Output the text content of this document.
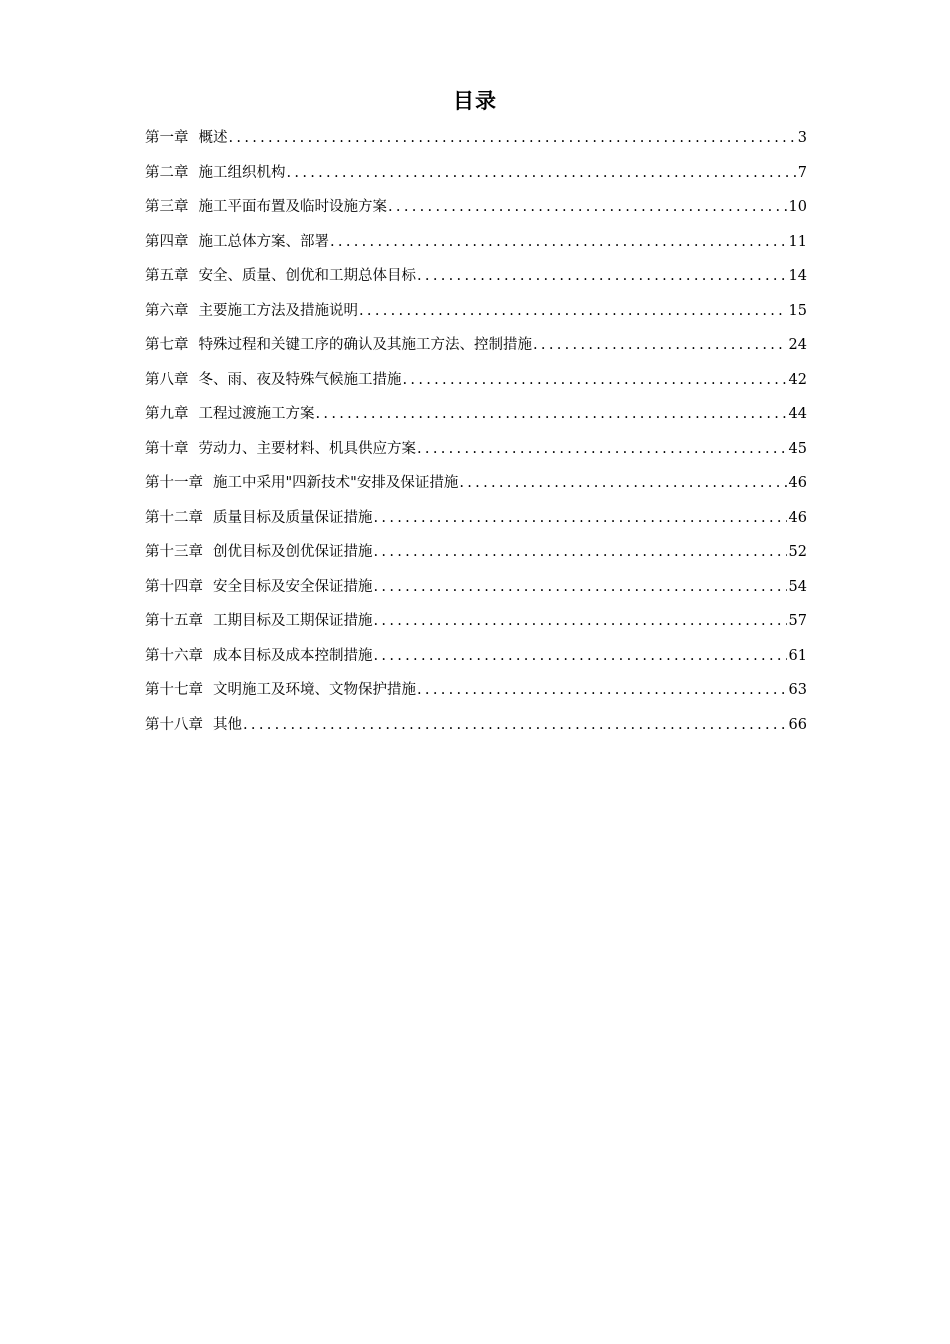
目录
第一章 概述 .....	3
第二章 施工组织机构 .....	7
第三章 施工平面布置及临时设施方案 .....	10
第四章 施工总体方案、部署 .....	11
第五章 安全、质量、创优和工期总体目标 .....	14
第六章 主要施工方法及措施说明 .....	15
第七章 特殊过程和关键工序的确认及其施工方法、控制措施 .....	24
第八章 冬、雨、夜及特殊气候施工措施 .....	42
第九章 工程过渡施工方案 .....	44
第十章 劳动力、主要材料、机具供应方案 .....	45
第十一章 施工中采用"四新技术"安排及保证措施 .....	46
第十二章 质量目标及质量保证措施 .....	46
第十三章 创优目标及创优保证措施 .....	52
第十四章 安全目标及安全保证措施 .....	54
第十五章 工期目标及工期保证措施 .....	57
第十六章 成本目标及成本控制措施 .....	61
第十七章 文明施工及环境、文物保护措施 .....	63
第十八章 其他 .....	66
